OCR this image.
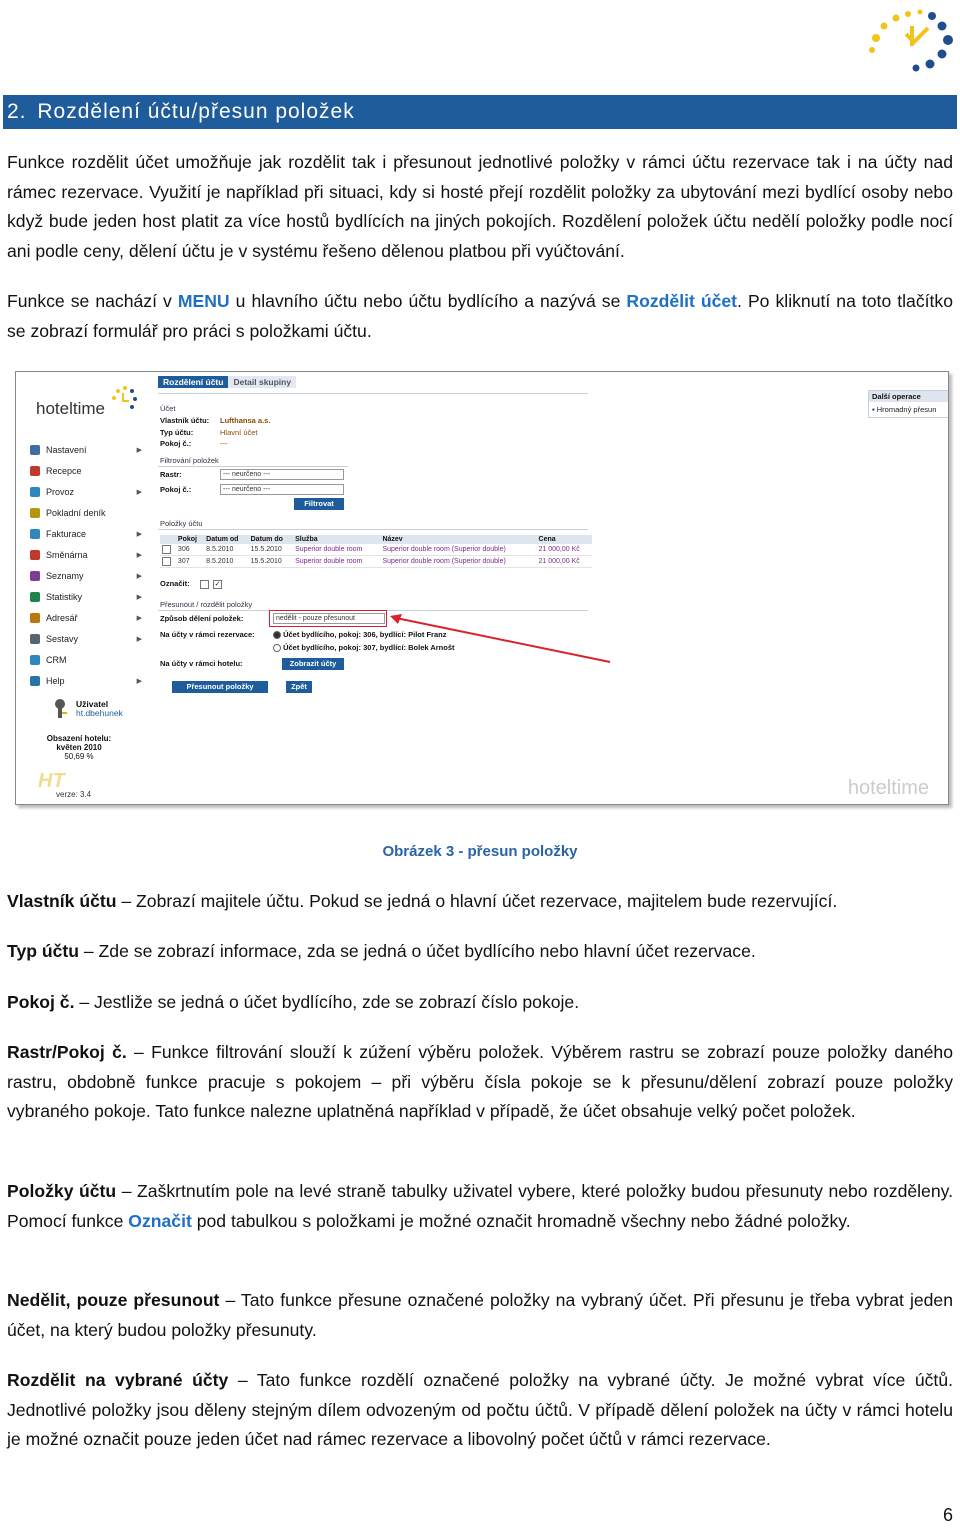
2. Rozdělení účtu/přesun položek

Funkce rozdělit účet umožňuje jak rozdělit tak i přesunout jednotlivé položky v rámci účtu rezervace tak i na účty nad rámec rezervace. Využití je například při situaci, kdy si hosté přejí rozdělit položky za ubytování mezi bydlící osoby nebo když bude jeden host platit za více hostů bydlících na jiných pokojích. Rozdělení položek účtu nedělí položky podle nocí ani podle ceny, dělení účtu je v systému řešeno dělenou platbou při vyúčtování.

Funkce se nachází v MENU u hlavního účtu nebo účtu bydlícího a nazývá se Rozdělit účet. Po kliknutí na toto tlačítko se zobrazí formulář pro práci s položkami účtu.

hoteltime
Nastavení	▶
Recepce
Provoz	▶
Pokladní deník
Fakturace	▶
Směnárna	▶
Seznamy	▶
Statistiky	▶
Adresář	▶
Sestavy	▶
CRM
Help	▶
Uživatel
ht.dbehunek
Obsazení hotelu:
květen 2010
50,69 %
HT
verze: 3.4
Rozdělení účtu Detail skupiny
Účet
Vlastník účtu: Lufthansa a.s.
Typ účtu:	Hlavní účet
Pokoj č.:	---
Filtrování položek
Rastr:	--- neurčeno ---
Pokoj č.:	--- neurčeno ---
Filtrovat
Položky účtu
	Pokoj	Datum od	Datum do	Služba	Název	Cena
	306	8.5.2010	15.5.2010	Superior double room	Superior double room (Superior double)	21 000,00 Kč
	307	8.5.2010	15.5.2010	Superior double room	Superior double room (Superior double)	21 000,00 Kč
Označit:	✓
Přesunout / rozdělit položky
Způsob dělení položek:	nedělit - pouze přesunout
Na účty v rámci rezervace:	Účet bydlícího, pokoj: 306, bydlící: Pilot Franz
Účet bydlícího, pokoj: 307, bydlící: Bolek Arnošt
Na účty v rámci hotelu:	Zobrazit účty
Přesunout položky	Zpět
Další operace
▪ Hromadný přesun
hoteltime
Obrázek 3 - přesun položky

Vlastník účtu – Zobrazí majitele účtu. Pokud se jedná o hlavní účet rezervace, majitelem bude rezervující.

Typ účtu – Zde se zobrazí informace, zda se jedná o účet bydlícího nebo hlavní účet rezervace.

Pokoj č. – Jestliže se jedná o účet bydlícího, zde se zobrazí číslo pokoje.

Rastr/Pokoj č. – Funkce filtrování slouží k zúžení výběru položek. Výběrem rastru se zobrazí pouze položky daného rastru, obdobně funkce pracuje s pokojem – při výběru čísla pokoje se k přesunu/dělení zobrazí pouze položky vybraného pokoje. Tato funkce nalezne uplatněná například v případě, že účet obsahuje velký počet položek.

Položky účtu – Zaškrtnutím pole na levé straně tabulky uživatel vybere, které položky budou přesunuty nebo rozděleny. Pomocí funkce Označit pod tabulkou s položkami je možné označit hromadně všechny nebo žádné položky.

Nedělit, pouze přesunout – Tato funkce přesune označené položky na vybraný účet. Při přesunu je třeba vybrat jeden účet, na který budou položky přesunuty.

Rozdělit na vybrané účty – Tato funkce rozdělí označené položky na vybrané účty. Je možné vybrat více účtů. Jednotlivé položky jsou děleny stejným dílem odvozeným od počtu účtů. V případě dělení položek na účty v rámci hotelu je možné označit pouze jeden účet nad rámec rezervace a libovolný počet účtů v rámci rezervace.

6
